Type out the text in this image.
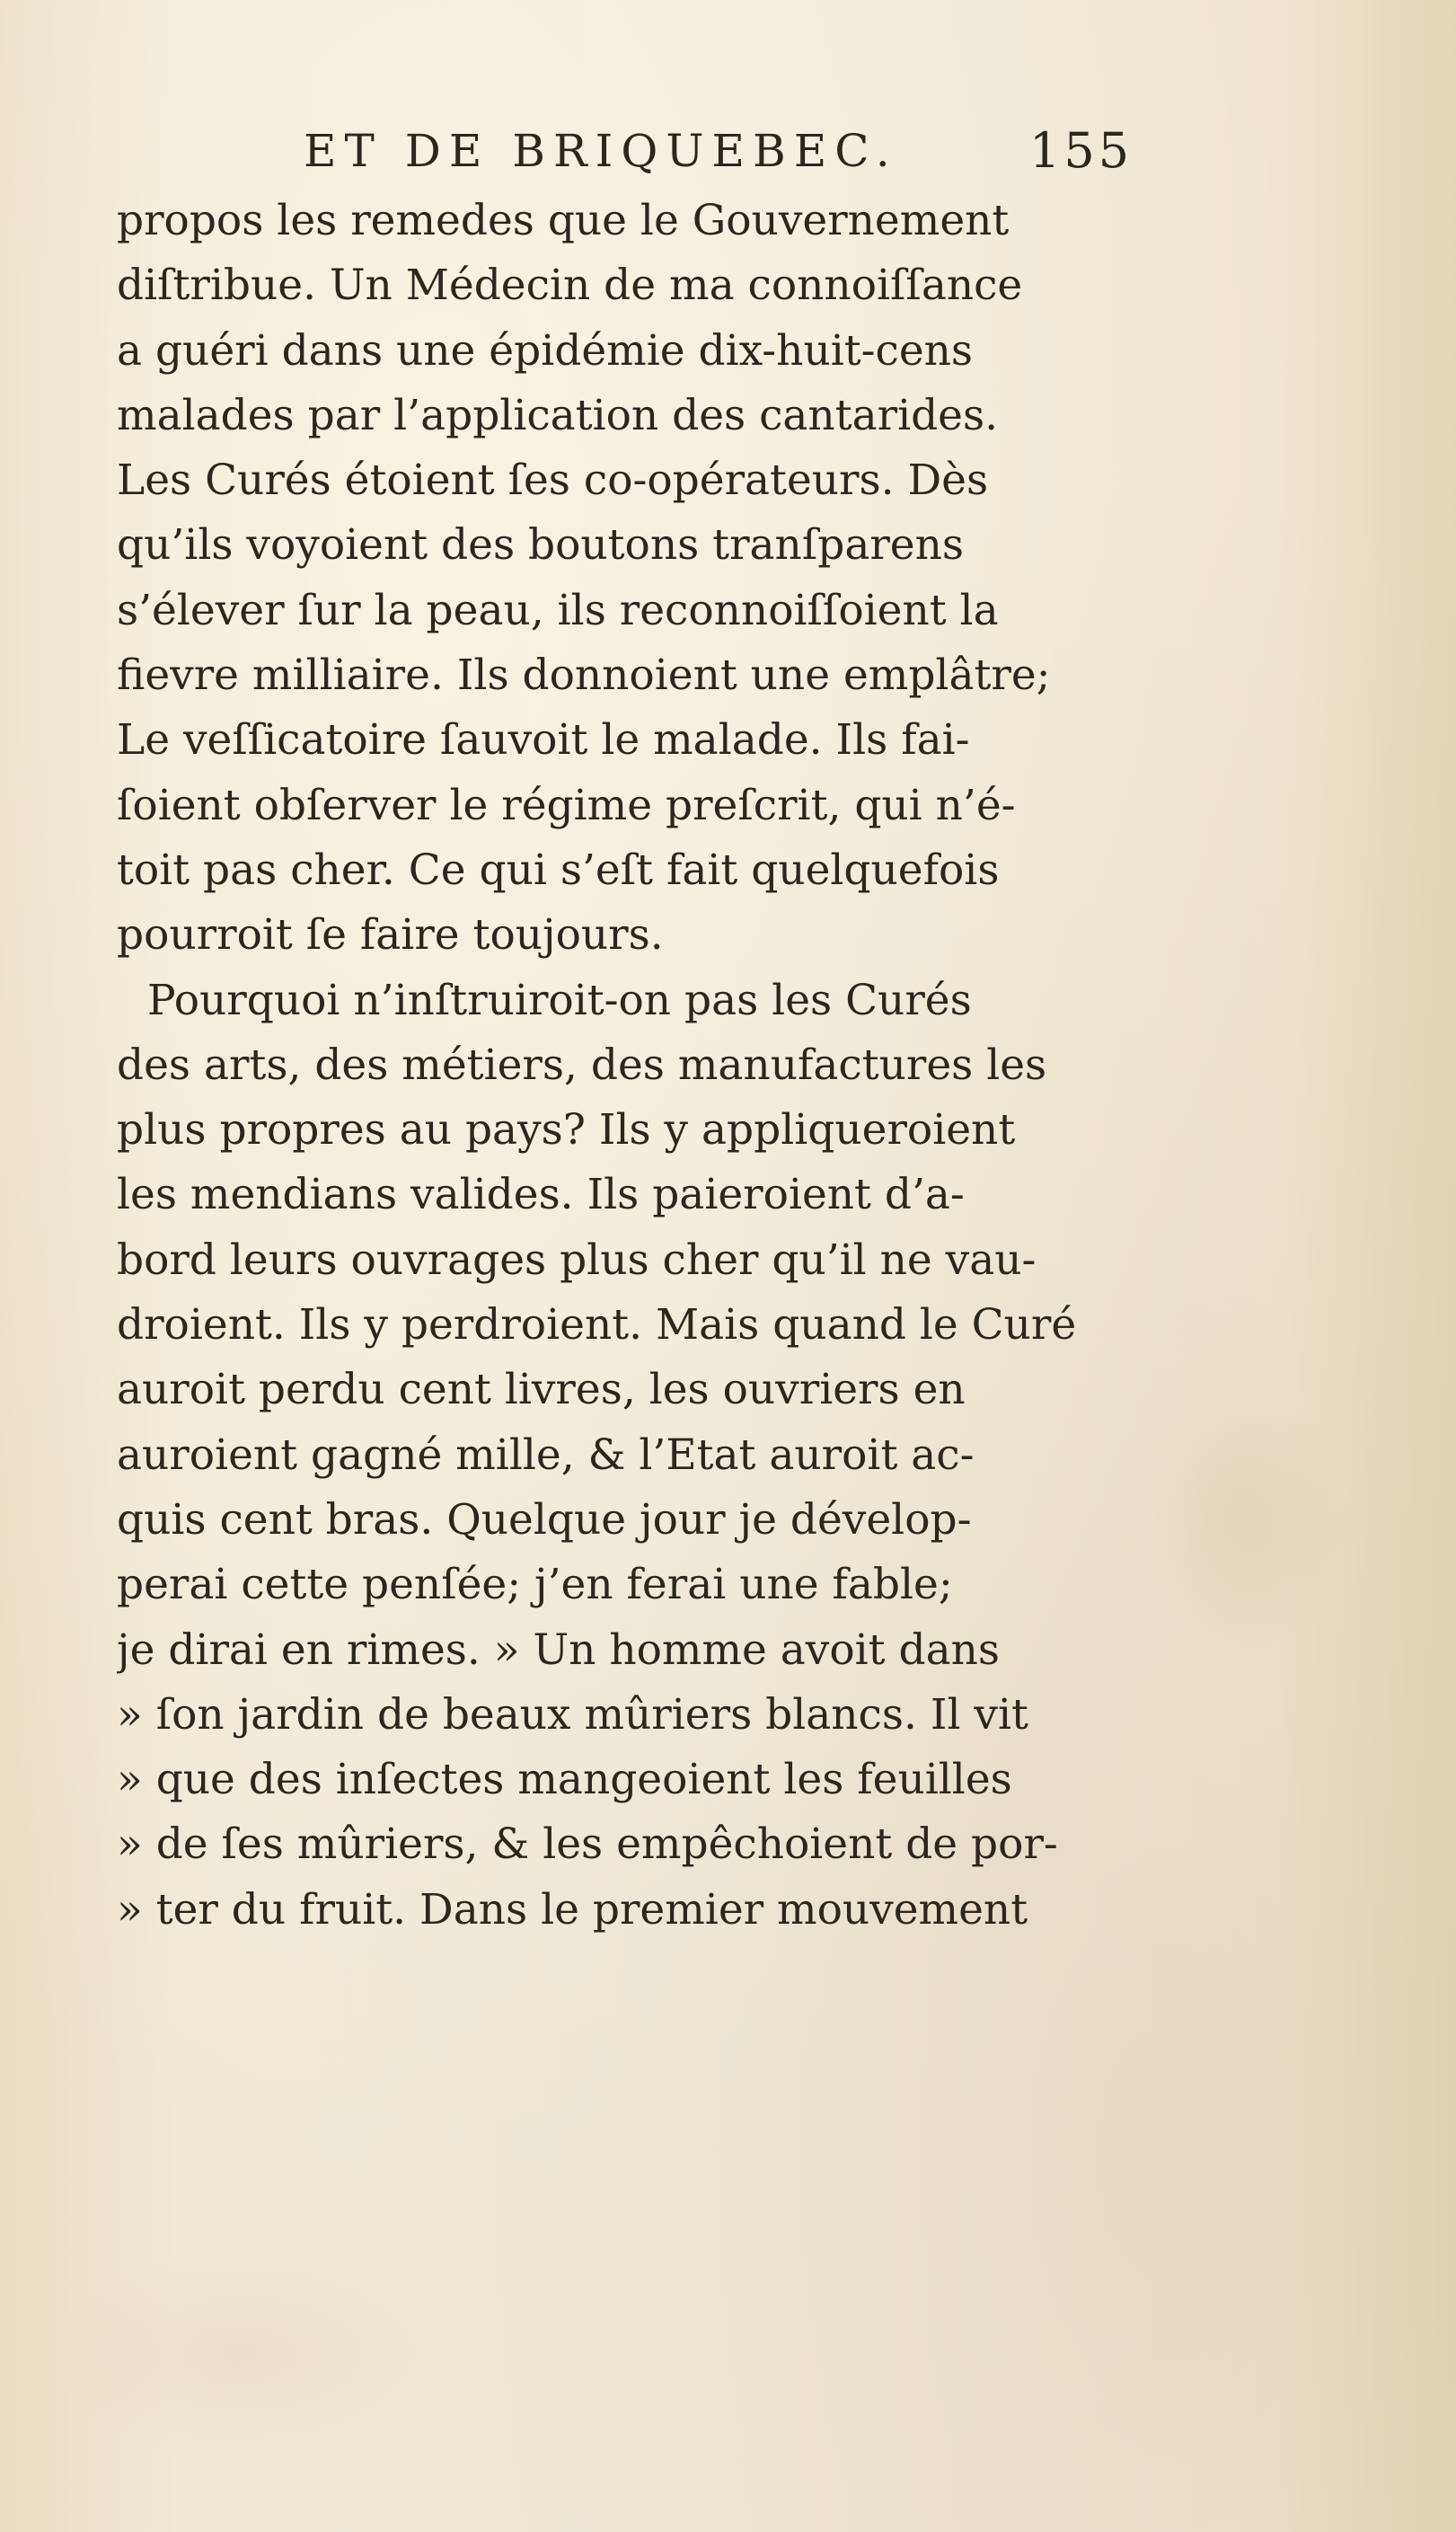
ET DE BRIQUEBEC.	155
propos les remedes que le Gouvernement
diſtribue. Un Médecin de ma connoiſſance
a guéri dans une épidémie dix-huit-cens
malades par l’application des cantarides.
Les Curés étoient ſes co-opérateurs. Dès
qu’ils voyoient des boutons tranſparens
s’élever ſur la peau, ils reconnoiſſoient la
fievre milliaire. Ils donnoient une emplâtre;
Le veſſicatoire ſauvoit le malade. Ils fai-
ſoient obſerver le régime preſcrit, qui n’é-
toit pas cher. Ce qui s’eſt fait quelquefois
pourroit ſe faire toujours.
Pourquoi n’inſtruiroit-on pas les Curés
des arts, des métiers, des manufactures les
plus propres au pays? Ils y appliqueroient
les mendians valides. Ils paieroient d’a-
bord leurs ouvrages plus cher qu’il ne vau-
droient. Ils y perdroient. Mais quand le Curé
auroit perdu cent livres, les ouvriers en
auroient gagné mille, & l’Etat auroit ac-
quis cent bras. Quelque jour je dévelop-
perai cette penſée; j’en ferai une fable;
je dirai en rimes. » Un homme avoit dans
» ſon jardin de beaux mûriers blancs. Il vit
» que des inſectes mangeoient les feuilles
» de ſes mûriers, & les empêchoient de por-
» ter du fruit. Dans le premier mouvement
